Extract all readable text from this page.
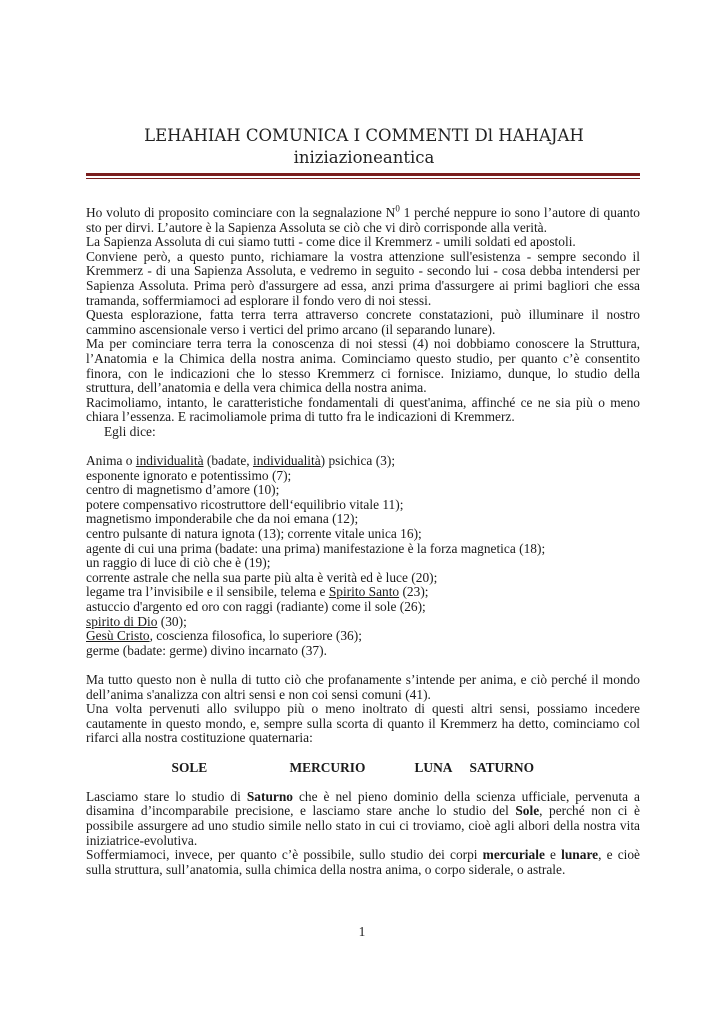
LEHAHIAH COMUNICA I COMMENTI Dl HAHAJAH
iniziazioneantica

Ho voluto di proposito cominciare con la segnalazione $N^0$ 1 perché neppure io sono l’autore di quanto sto per dirvi. L’autore è la Sapienza Assoluta se ciò che vi dirò corrisponde alla verità.

La Sapienza Assoluta di cui siamo tutti - come dice il Kremmerz - umili soldati ed apostoli.

Conviene però, a questo punto, richiamare la vostra attenzione sull'esistenza - sempre secondo il Kremmerz - di una Sapienza Assoluta, e vedremo in seguito - secondo lui - cosa debba intendersi per Sapienza Assoluta. Prima però d'assurgere ad essa, anzi prima d'assurgere ai primi bagliori che essa tramanda, soffermiamoci ad esplorare il fondo vero di noi stessi.

Questa esplorazione, fatta terra terra attraverso concrete constatazioni, può illuminare il nostro cammino ascensionale verso i vertici del primo arcano (il separando lunare).

Ma per cominciare terra terra la conoscenza di noi stessi (4) noi dobbiamo conoscere la Struttura, l’Anatomia e la Chimica della nostra anima. Cominciamo questo studio, per quanto c’è consentito finora, con le indicazioni che lo stesso Kremmerz ci fornisce. Iniziamo, dunque, lo studio della struttura, dell’anatomia e della vera chimica della nostra anima.

Racimoliamo, intanto, le caratteristiche fondamentali di quest'anima, affinché ce ne sia più o meno chiara l’essenza. E racimoliamole prima di tutto fra le indicazioni di Kremmerz.

Egli dice:

Anima o individualità (badate, individualità) psichica (3);

esponente ignorato e potentissimo (7);

centro di magnetismo d’amore (10);

potere compensativo ricostruttore dell‘equilibrio vitale 11);

magnetismo imponderabile che da noi emana (12);

centro pulsante di natura ignota (13); corrente vitale unica 16);

agente di cui una prima (badate: una prima) manifestazione è la forza magnetica (18);

un raggio di luce di ciò che è (19);

corrente astrale che nella sua parte più alta è verità ed è luce (20);

legame tra l’invisibile e il sensibile, telema e Spirito Santo (23);

astuccio d'argento ed oro con raggi (radiante) come il sole (26);

spirito di Dio (30);

Gesù Cristo, coscienza filosofica, lo superiore (36);

germe (badate: germe) divino incarnato (37).

Ma tutto questo non è nulla di tutto ciò che profanamente s’intende per anima, e ciò perché il mondo dell’anima s'analizza con altri sensi e non coi sensi comuni (41).

Una volta pervenuti allo sviluppo più o meno inoltrato di questi altri sensi, possiamo incedere cautamente in questo mondo, e, sempre sulla scorta di quanto il Kremmerz ha detto, cominciamo col rifarci alla nostra costituzione quaternaria:

SOLE	MERCURIO	LUNA	SATURNO

Lasciamo stare lo studio di Saturno che è nel pieno dominio della scienza ufficiale, pervenuta a disamina d’incomparabile precisione, e lasciamo stare anche lo studio del Sole, perché non ci è possibile assurgere ad uno studio simile nello stato in cui ci troviamo, cioè agli albori della nostra vita iniziatrice-evolutiva.

Soffermiamoci, invece, per quanto c’è possibile, sullo studio dei corpi mercuriale e lunare, e cioè sulla struttura, sull’anatomia, sulla chimica della nostra anima, o corpo siderale, o astrale.

1
